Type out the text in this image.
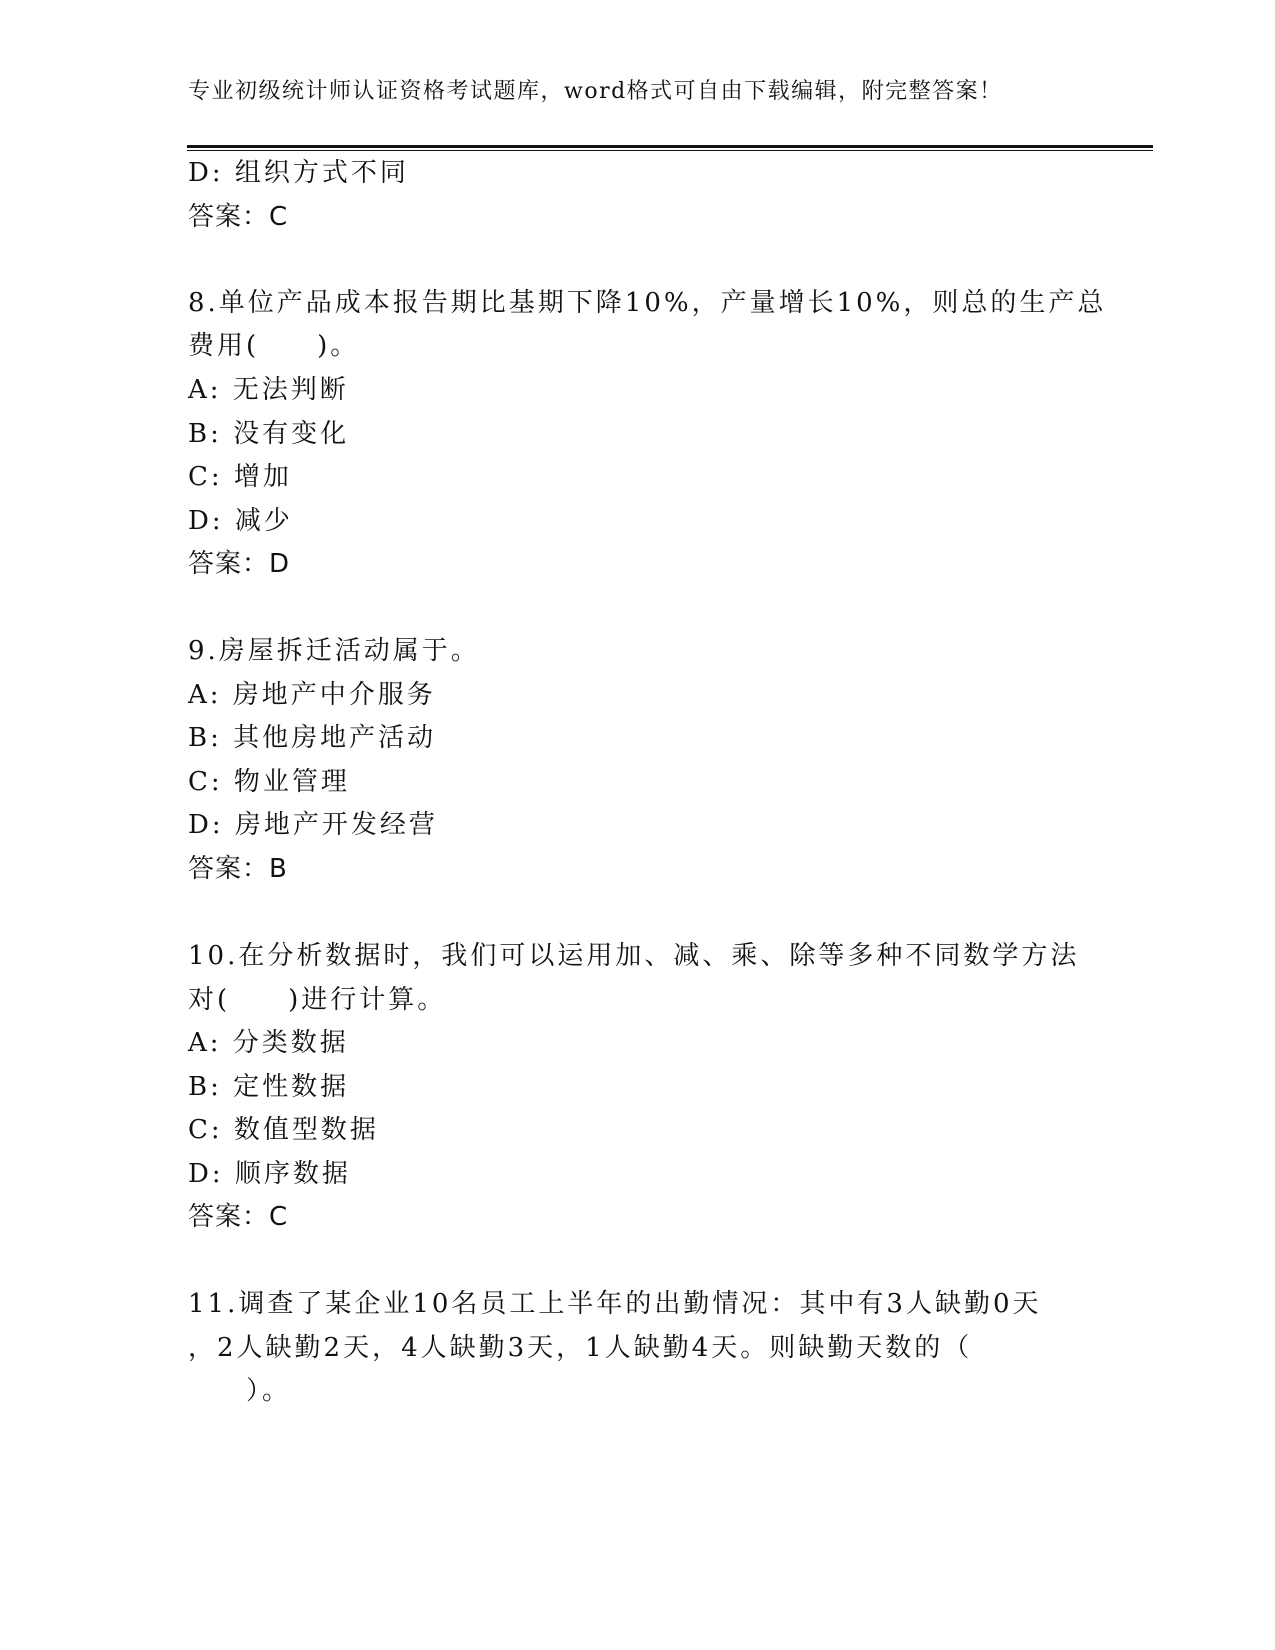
专业初级统计师认证资格考试题库，word格式可自由下载编辑，附完整答案！
D: 组织方式不同
答案：C
8.单位产品成本报告期比基期下降10%，产量增长10%，则总的生产总
费用(　　)。
A: 无法判断
B: 没有变化
C: 增加
D: 减少
答案：D
9.房屋拆迁活动属于。
A: 房地产中介服务
B: 其他房地产活动
C: 物业管理
D: 房地产开发经营
答案：B
10.在分析数据时，我们可以运用加、减、乘、除等多种不同数学方法
对(　　)进行计算。
A: 分类数据
B: 定性数据
C: 数值型数据
D: 顺序数据
答案：C
11.调查了某企业10名员工上半年的出勤情况：其中有3人缺勤0天
，2人缺勤2天，4人缺勤3天，1人缺勤4天。则缺勤天数的（
　　）。
